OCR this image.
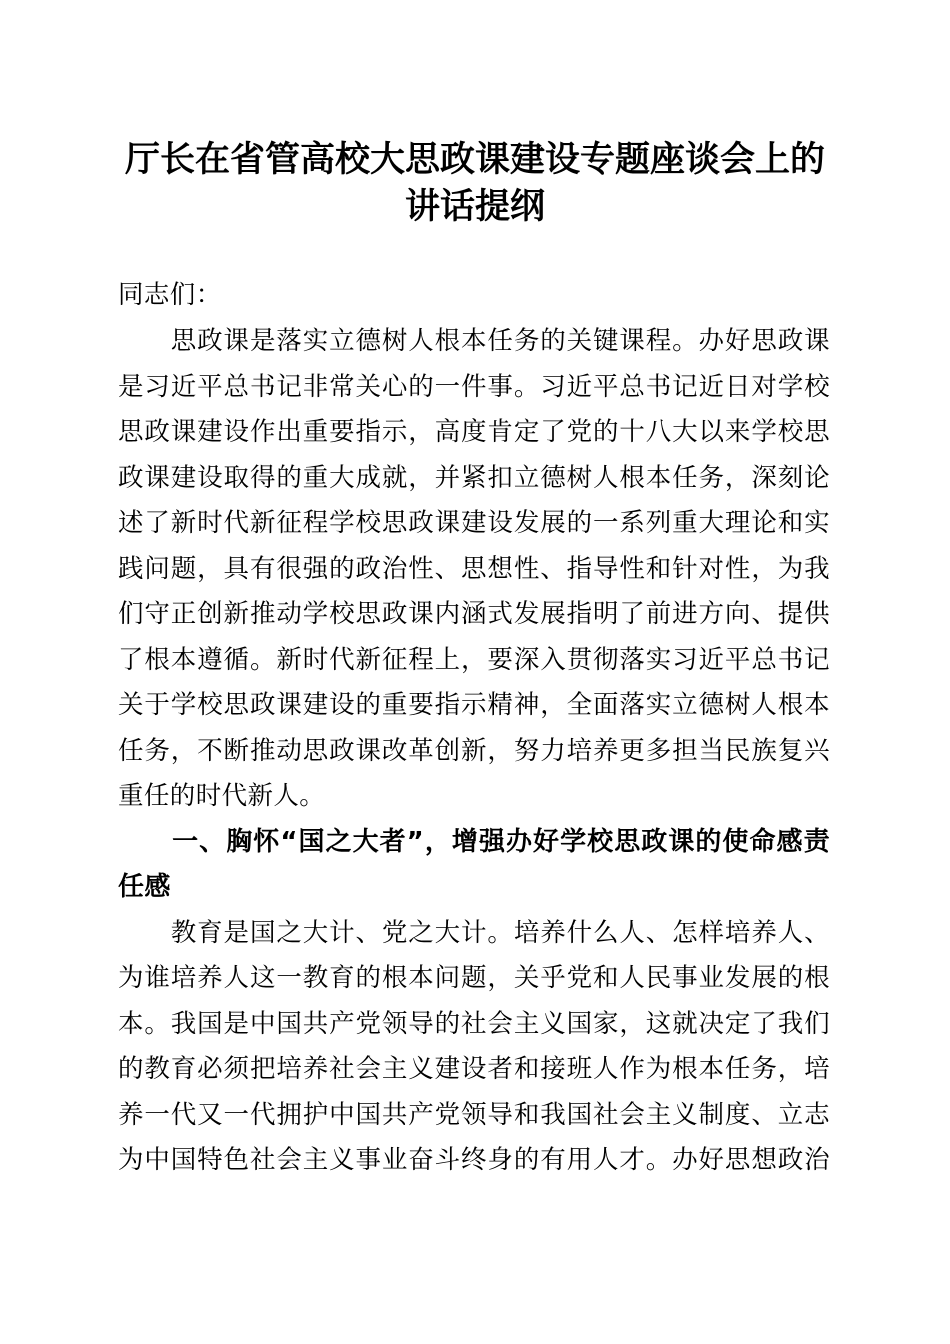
厅长在省管高校大思政课建设专题座谈会上的
讲话提纲
同志们：
　　思政课是落实立德树人根本任务的关键课程。办好思政课
是习近平总书记非常关心的一件事。习近平总书记近日对学校
思政课建设作出重要指示，高度肯定了党的十八大以来学校思
政课建设取得的重大成就，并紧扣立德树人根本任务，深刻论
述了新时代新征程学校思政课建设发展的一系列重大理论和实
践问题，具有很强的政治性、思想性、指导性和针对性，为我
们守正创新推动学校思政课内涵式发展指明了前进方向、提供
了根本遵循。新时代新征程上，要深入贯彻落实习近平总书记
关于学校思政课建设的重要指示精神，全面落实立德树人根本
任务，不断推动思政课改革创新，努力培养更多担当民族复兴
重任的时代新人。
　　一、胸怀“国之大者”，增强办好学校思政课的使命感责
任感
　　教育是国之大计、党之大计。培养什么人、怎样培养人、
为谁培养人这一教育的根本问题，关乎党和人民事业发展的根
本。我国是中国共产党领导的社会主义国家，这就决定了我们
的教育必须把培养社会主义建设者和接班人作为根本任务，培
养一代又一代拥护中国共产党领导和我国社会主义制度、立志
为中国特色社会主义事业奋斗终身的有用人才。办好思想政治
